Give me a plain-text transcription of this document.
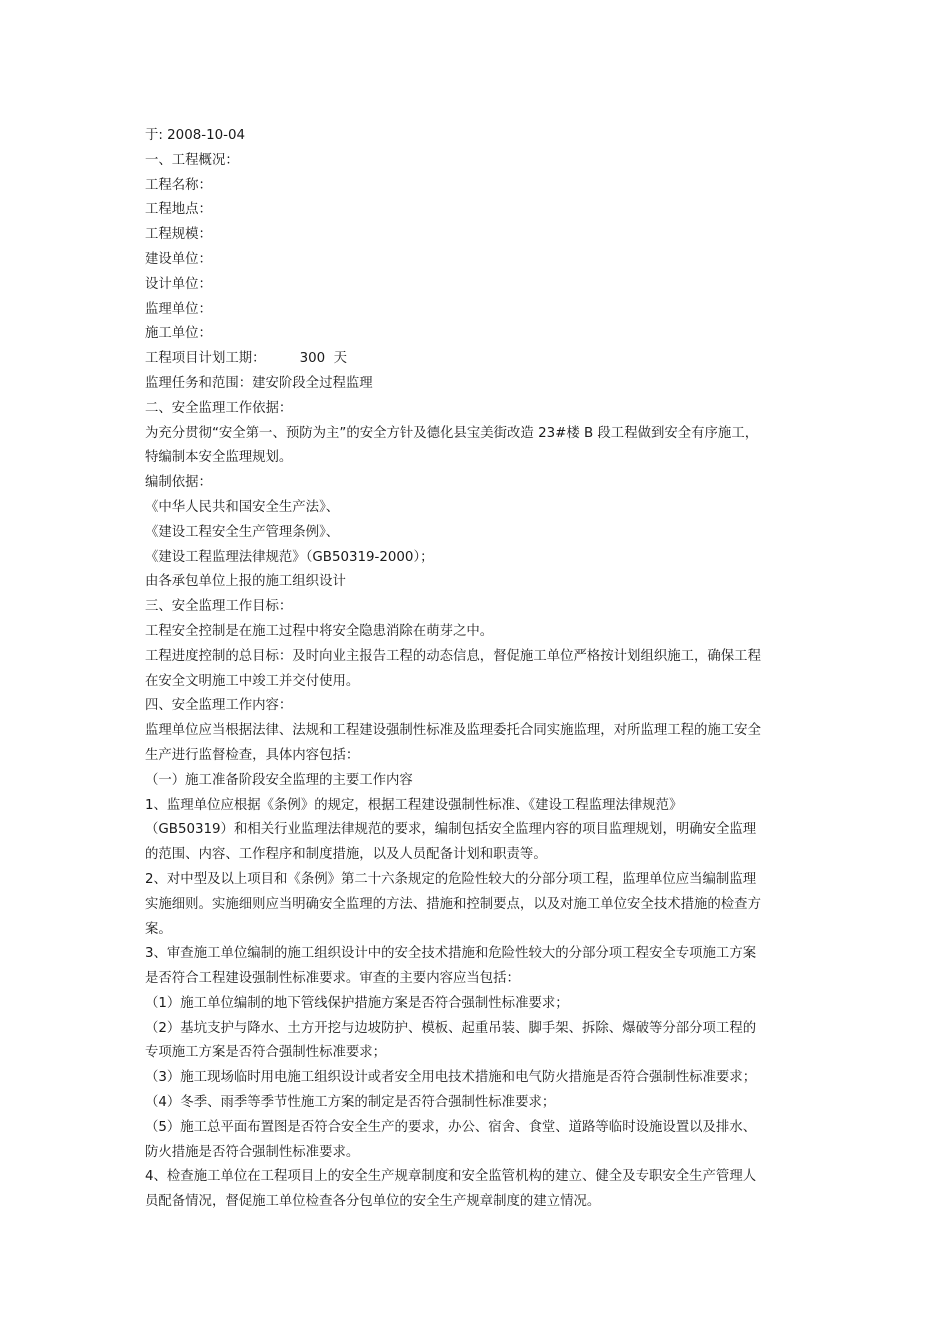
于: 2008-10-04
一、工程概况：
工程名称：
工程地点：
工程规模：
建设单位：
设计单位：
监理单位：
施工单位：
工程项目计划工期：        300  天
监理任务和范围：建安阶段全过程监理
二、安全监理工作依据：
为充分贯彻“安全第一、预防为主”的安全方针及德化县宝美街改造 23#楼 B 段工程做到安全有序施工，
特编制本安全监理规划。
编制依据：
《中华人民共和国安全生产法》、
《建设工程安全生产管理条例》、
《建设工程监理法律规范》（GB50319-2000）；
由各承包单位上报的施工组织设计
三、安全监理工作目标：
工程安全控制是在施工过程中将安全隐患消除在萌芽之中。
工程进度控制的总目标：及时向业主报告工程的动态信息，督促施工单位严格按计划组织施工，确保工程
在安全文明施工中竣工并交付使用。
四、安全监理工作内容：
监理单位应当根据法律、法规和工程建设强制性标准及监理委托合同实施监理，对所监理工程的施工安全
生产进行监督检查，具体内容包括：
（一）施工准备阶段安全监理的主要工作内容
1、监理单位应根据《条例》的规定，根据工程建设强制性标准、《建设工程监理法律规范》
（GB50319）和相关行业监理法律规范的要求，编制包括安全监理内容的项目监理规划，明确安全监理
的范围、内容、工作程序和制度措施，以及人员配备计划和职责等。
2、对中型及以上项目和《条例》第二十六条规定的危险性较大的分部分项工程，监理单位应当编制监理
实施细则。实施细则应当明确安全监理的方法、措施和控制要点，以及对施工单位安全技术措施的检查方
案。
3、审查施工单位编制的施工组织设计中的安全技术措施和危险性较大的分部分项工程安全专项施工方案
是否符合工程建设强制性标准要求。审查的主要内容应当包括：
（1）施工单位编制的地下管线保护措施方案是否符合强制性标准要求；
（2）基坑支护与降水、土方开挖与边坡防护、模板、起重吊装、脚手架、拆除、爆破等分部分项工程的
专项施工方案是否符合强制性标准要求；
（3）施工现场临时用电施工组织设计或者安全用电技术措施和电气防火措施是否符合强制性标准要求；
（4）冬季、雨季等季节性施工方案的制定是否符合强制性标准要求；
（5）施工总平面布置图是否符合安全生产的要求，办公、宿舍、食堂、道路等临时设施设置以及排水、
防火措施是否符合强制性标准要求。
4、检查施工单位在工程项目上的安全生产规章制度和安全监管机构的建立、健全及专职安全生产管理人
员配备情况，督促施工单位检查各分包单位的安全生产规章制度的建立情况。
